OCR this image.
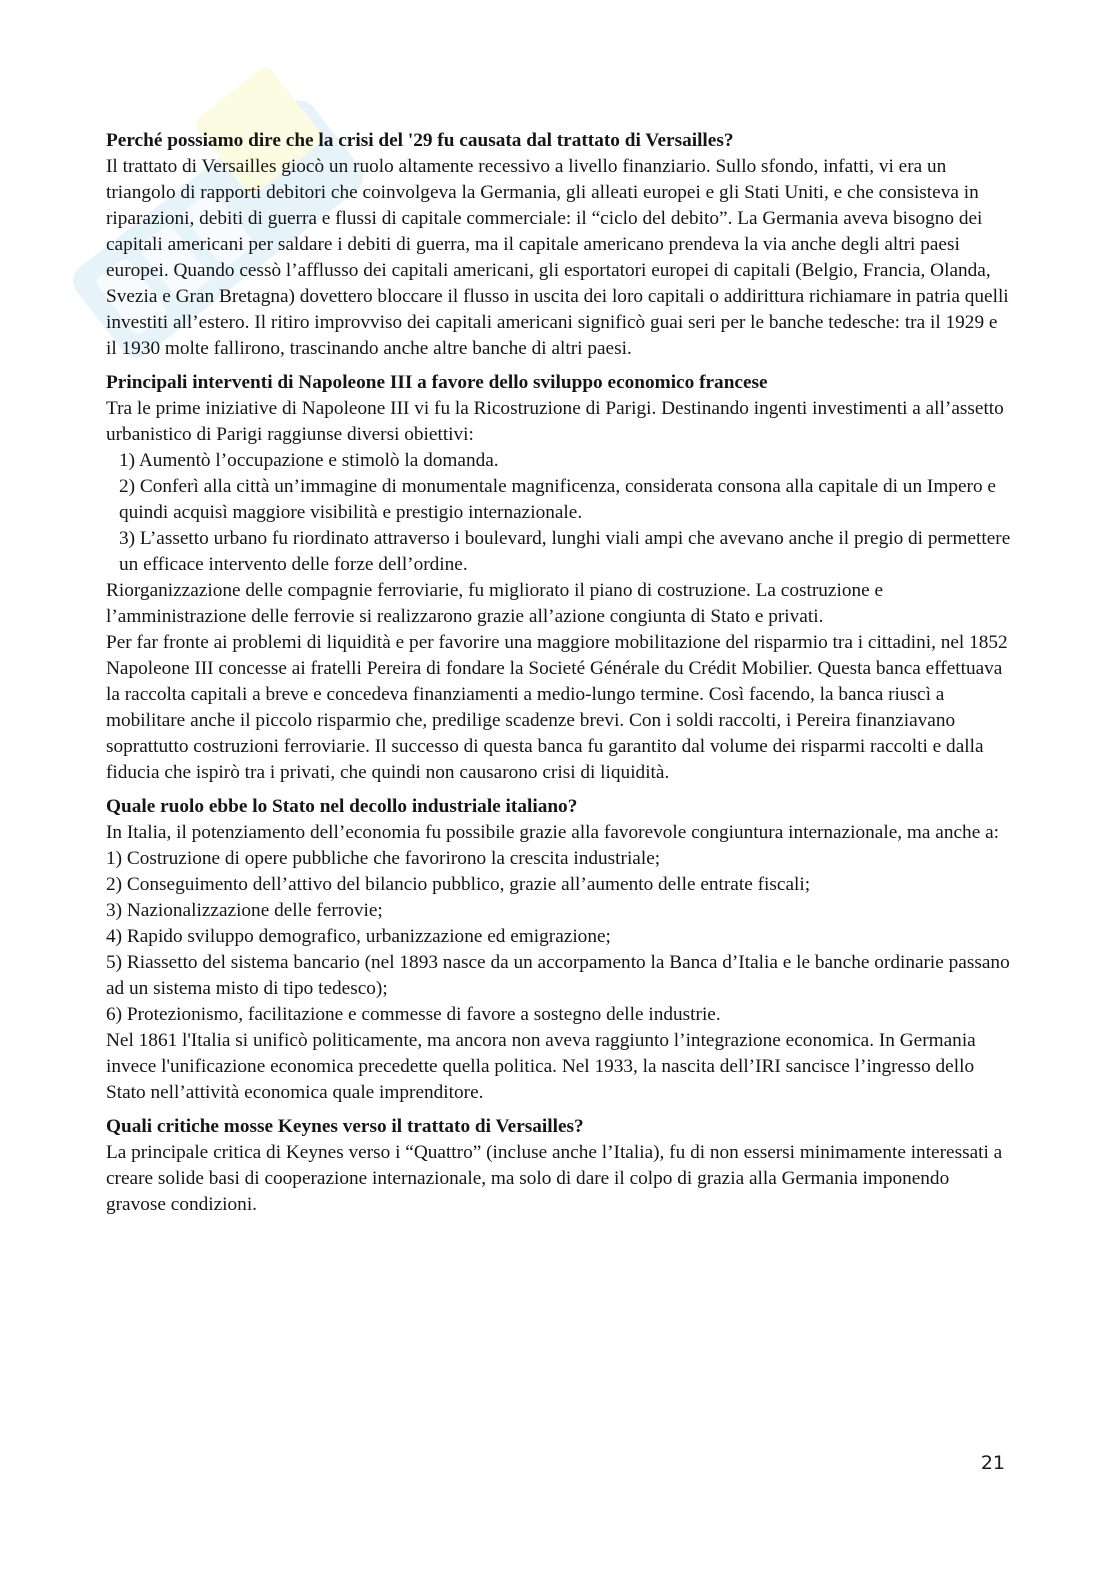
Perché possiamo dire che la crisi del '29 fu causata dal trattato di Versailles?

Il trattato di Versailles giocò un ruolo altamente recessivo a livello finanziario. Sullo sfondo, infatti, vi era un triangolo di rapporti debitori che coinvolgeva la Germania, gli alleati europei e gli Stati Uniti, e che consisteva in riparazioni, debiti di guerra e flussi di capitale commerciale: il “ciclo del debito”. La Germania aveva bisogno dei capitali americani per saldare i debiti di guerra, ma il capitale americano prendeva la via anche degli altri paesi europei. Quando cessò l’afflusso dei capitali americani, gli esportatori europei di capitali (Belgio, Francia, Olanda, Svezia e Gran Bretagna) dovettero bloccare il flusso in uscita dei loro capitali o addirittura richiamare in patria quelli investiti all’estero. Il ritiro improvviso dei capitali americani significò guai seri per le banche tedesche: tra il 1929 e il 1930 molte fallirono, trascinando anche altre banche di altri paesi.

Principali interventi di Napoleone III a favore dello sviluppo economico francese

Tra le prime iniziative di Napoleone III vi fu la Ricostruzione di Parigi. Destinando ingenti investimenti a all’assetto urbanistico di Parigi raggiunse diversi obiettivi:

1) Aumentò l’occupazione e stimolò la domanda.

2) Conferì alla città un’immagine di monumentale magnificenza, considerata consona alla capitale di un Impero e quindi acquisì maggiore visibilità e prestigio internazionale.

3) L’assetto urbano fu riordinato attraverso i boulevard, lunghi viali ampi che avevano anche il pregio di permettere un efficace intervento delle forze dell’ordine.

Riorganizzazione delle compagnie ferroviarie, fu migliorato il piano di costruzione. La costruzione e l’amministrazione delle ferrovie si realizzarono grazie all’azione congiunta di Stato e privati.

Per far fronte ai problemi di liquidità e per favorire una maggiore mobilitazione del risparmio tra i cittadini, nel 1852 Napoleone III concesse ai fratelli Pereira di fondare la Societé Générale du Crédit Mobilier. Questa banca effettuava la raccolta capitali a breve e concedeva finanziamenti a medio-lungo termine. Così facendo, la banca riuscì a mobilitare anche il piccolo risparmio che, predilige scadenze brevi. Con i soldi raccolti, i Pereira finanziavano soprattutto costruzioni ferroviarie. Il successo di questa banca fu garantito dal volume dei risparmi raccolti e dalla fiducia che ispirò tra i privati, che quindi non causarono crisi di liquidità.

Quale ruolo ebbe lo Stato nel decollo industriale italiano?

In Italia, il potenziamento dell’economia fu possibile grazie alla favorevole congiuntura internazionale, ma anche a:

1) Costruzione di opere pubbliche che favorirono la crescita industriale;

2) Conseguimento dell’attivo del bilancio pubblico, grazie all’aumento delle entrate fiscali;

3) Nazionalizzazione delle ferrovie;

4) Rapido sviluppo demografico, urbanizzazione ed emigrazione;

5) Riassetto del sistema bancario (nel 1893 nasce da un accorpamento la Banca d’Italia e le banche ordinarie passano ad un sistema misto di tipo tedesco);

6) Protezionismo, facilitazione e commesse di favore a sostegno delle industrie.

Nel 1861 l'Italia si unificò politicamente, ma ancora non aveva raggiunto l’integrazione economica. In Germania invece l'unificazione economica precedette quella politica. Nel 1933, la nascita dell’IRI sancisce l’ingresso dello Stato nell’attività economica quale imprenditore.

Quali critiche mosse Keynes verso il trattato di Versailles?

La principale critica di Keynes verso i “Quattro” (incluse anche l’Italia), fu di non essersi minimamente interessati a creare solide basi di cooperazione internazionale, ma solo di dare il colpo di grazia alla Germania imponendo gravose condizioni.

21
